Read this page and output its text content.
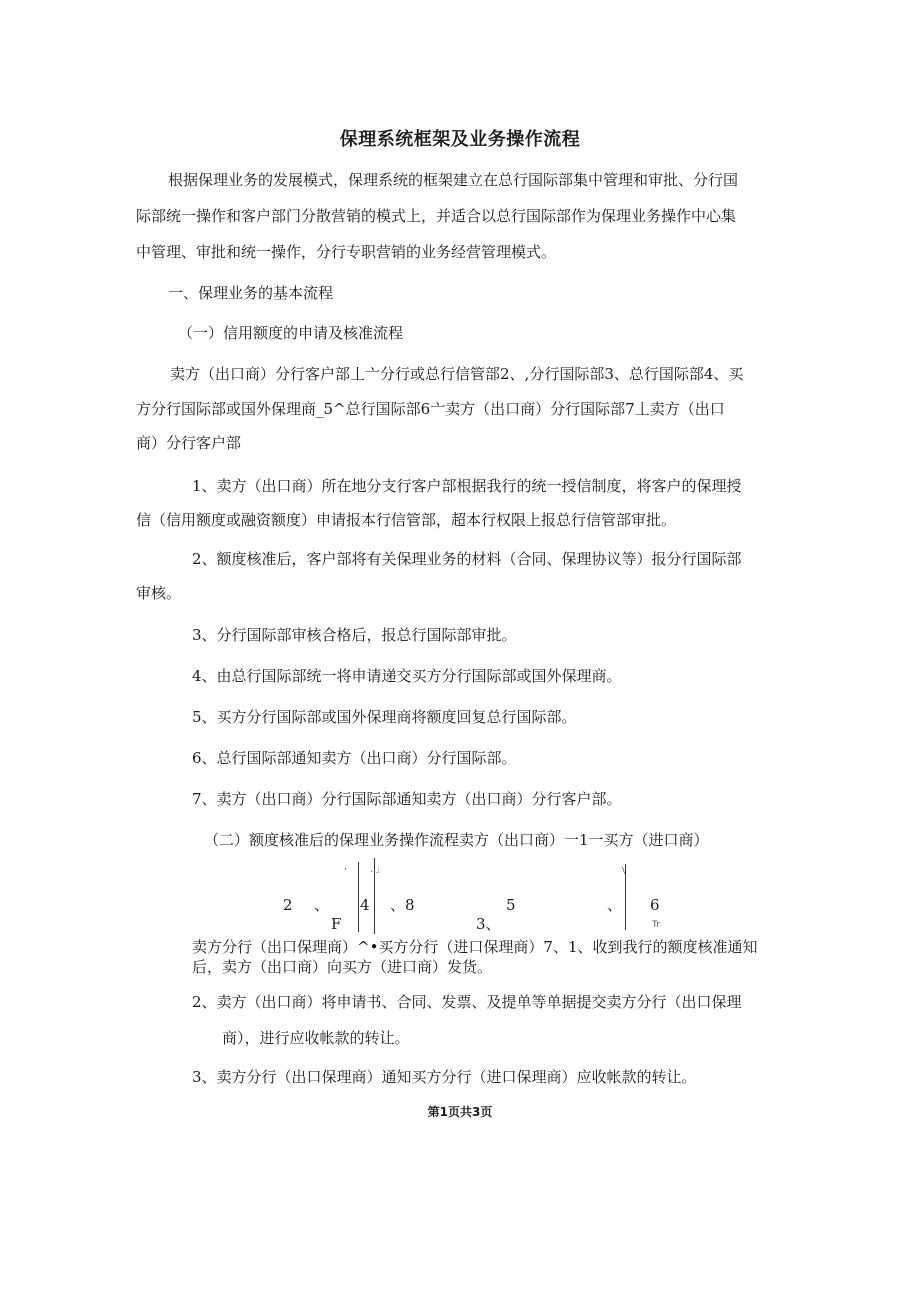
保理系统框架及业务操作流程
根据保理业务的发展模式，保理系统的框架建立在总行国际部集中管理和审批、分行国
际部统一操作和客户部门分散营销的模式上，并适合以总行国际部作为保理业务操作中心集
中管理、审批和统一操作，分行专职营销的业务经营管理模式。
一、保理业务的基本流程
（一）信用额度的申请及核准流程
卖方（出口商）分行客户部丄亠分行或总行信管部2、,分行国际部3、总行国际部4、买
方分行国际部或国外保理商_5^总行国际部6亠卖方（出口商）分行国际部7丄卖方（出口
商）分行客户部
1、卖方（出口商）所在地分支行客户部根据我行的统一授信制度，将客户的保理授
信（信用额度或融资额度）申请报本行信管部，超本行权限上报总行信管部审批。
2、额度核准后，客户部将有关保理业务的材料（合同、保理协议等）报分行国际部
审核。
3、分行国际部审核合格后，报总行国际部审批。
4、由总行国际部统一将申请递交买方分行国际部或国外保理商。
5、买方分行国际部或国外保理商将额度回复总行国际部。
6、总行国际部通知卖方（出口商）分行国际部。
7、卖方（出口商）分行国际部通知卖方（出口商）分行客户部。
（二）额度核准后的保理业务操作流程卖方（出口商）一1一买方（进口商）
,	..」	\
2 、 4 、8	5	、 6
F	3、	Tr
卖方分行（出口保理商）^•买方分行（进口保理商）7、1、收到我行的额度核准通知
后，卖方（出口商）向买方（进口商）发货。
2、卖方（出口商）将申请书、合同、发票、及提单等单据提交卖方分行（出口保理
商），进行应收帐款的转让。
3、卖方分行（出口保理商）通知买方分行（进口保理商）应收帐款的转让。
第1页共3页
